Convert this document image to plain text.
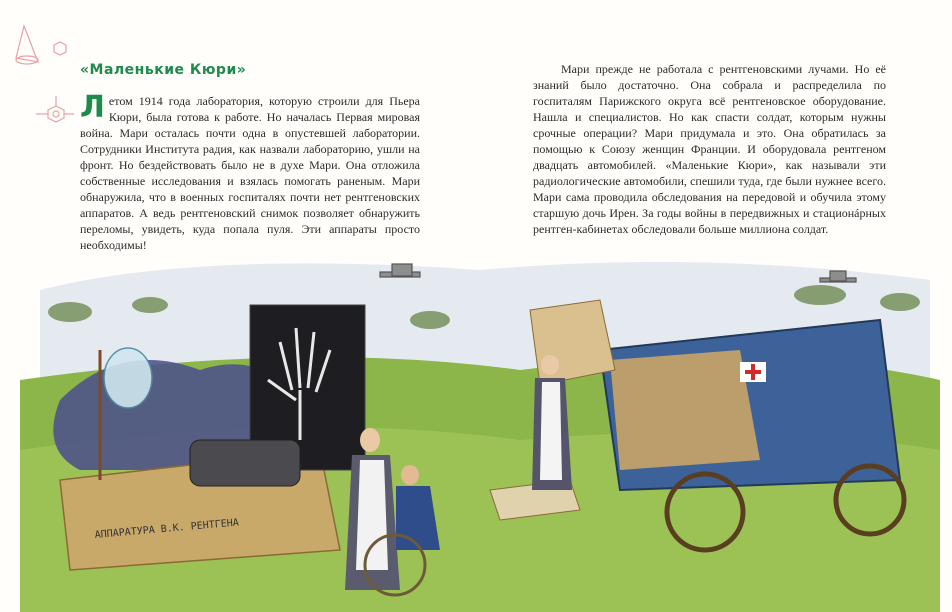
«Маленькие Кюри»
Л етом 1914 года лаборатория, которую строили для Пьера Кюри, была готова к работе. Но началась Первая мировая война. Мари осталась почти одна в опустевшей лаборатории. Сотрудники Института радия, как назвали лабораторию, ушли на фронт. Но бездействовать было не в духе Мари. Она отложила собственные исследования и взялась помогать раненым. Мари обнаружила, что в военных госпиталях почти нет рентгеновских аппаратов. А ведь рентгеновский снимок позволяет обнаружить переломы, увидеть, куда попала пуля. Эти аппараты просто необходимы!

Мари прежде не работала с рентгеновскими лучами. Но её знаний было достаточно. Она собрала и распределила по госпиталям Парижского округа всё рентгеновское оборудование. Нашла и специалистов. Но как спасти солдат, которым нужны срочные операции? Мари придумала и это. Она обратилась за помощью к Союзу женщин Франции. И оборудовала рентгеном двадцать автомобилей. «Маленькие Кюри», как называли эти радиологические автомобили, спешили туда, где были нужнее всего. Мари сама проводила обследования на передовой и обучила этому старшую дочь Ирен. За годы войны в передвижных и стационáрных рентген-кабинетах обследовали больше миллиона солдат.

АППАРАТУРА В.К. РЕНТГЕНА
